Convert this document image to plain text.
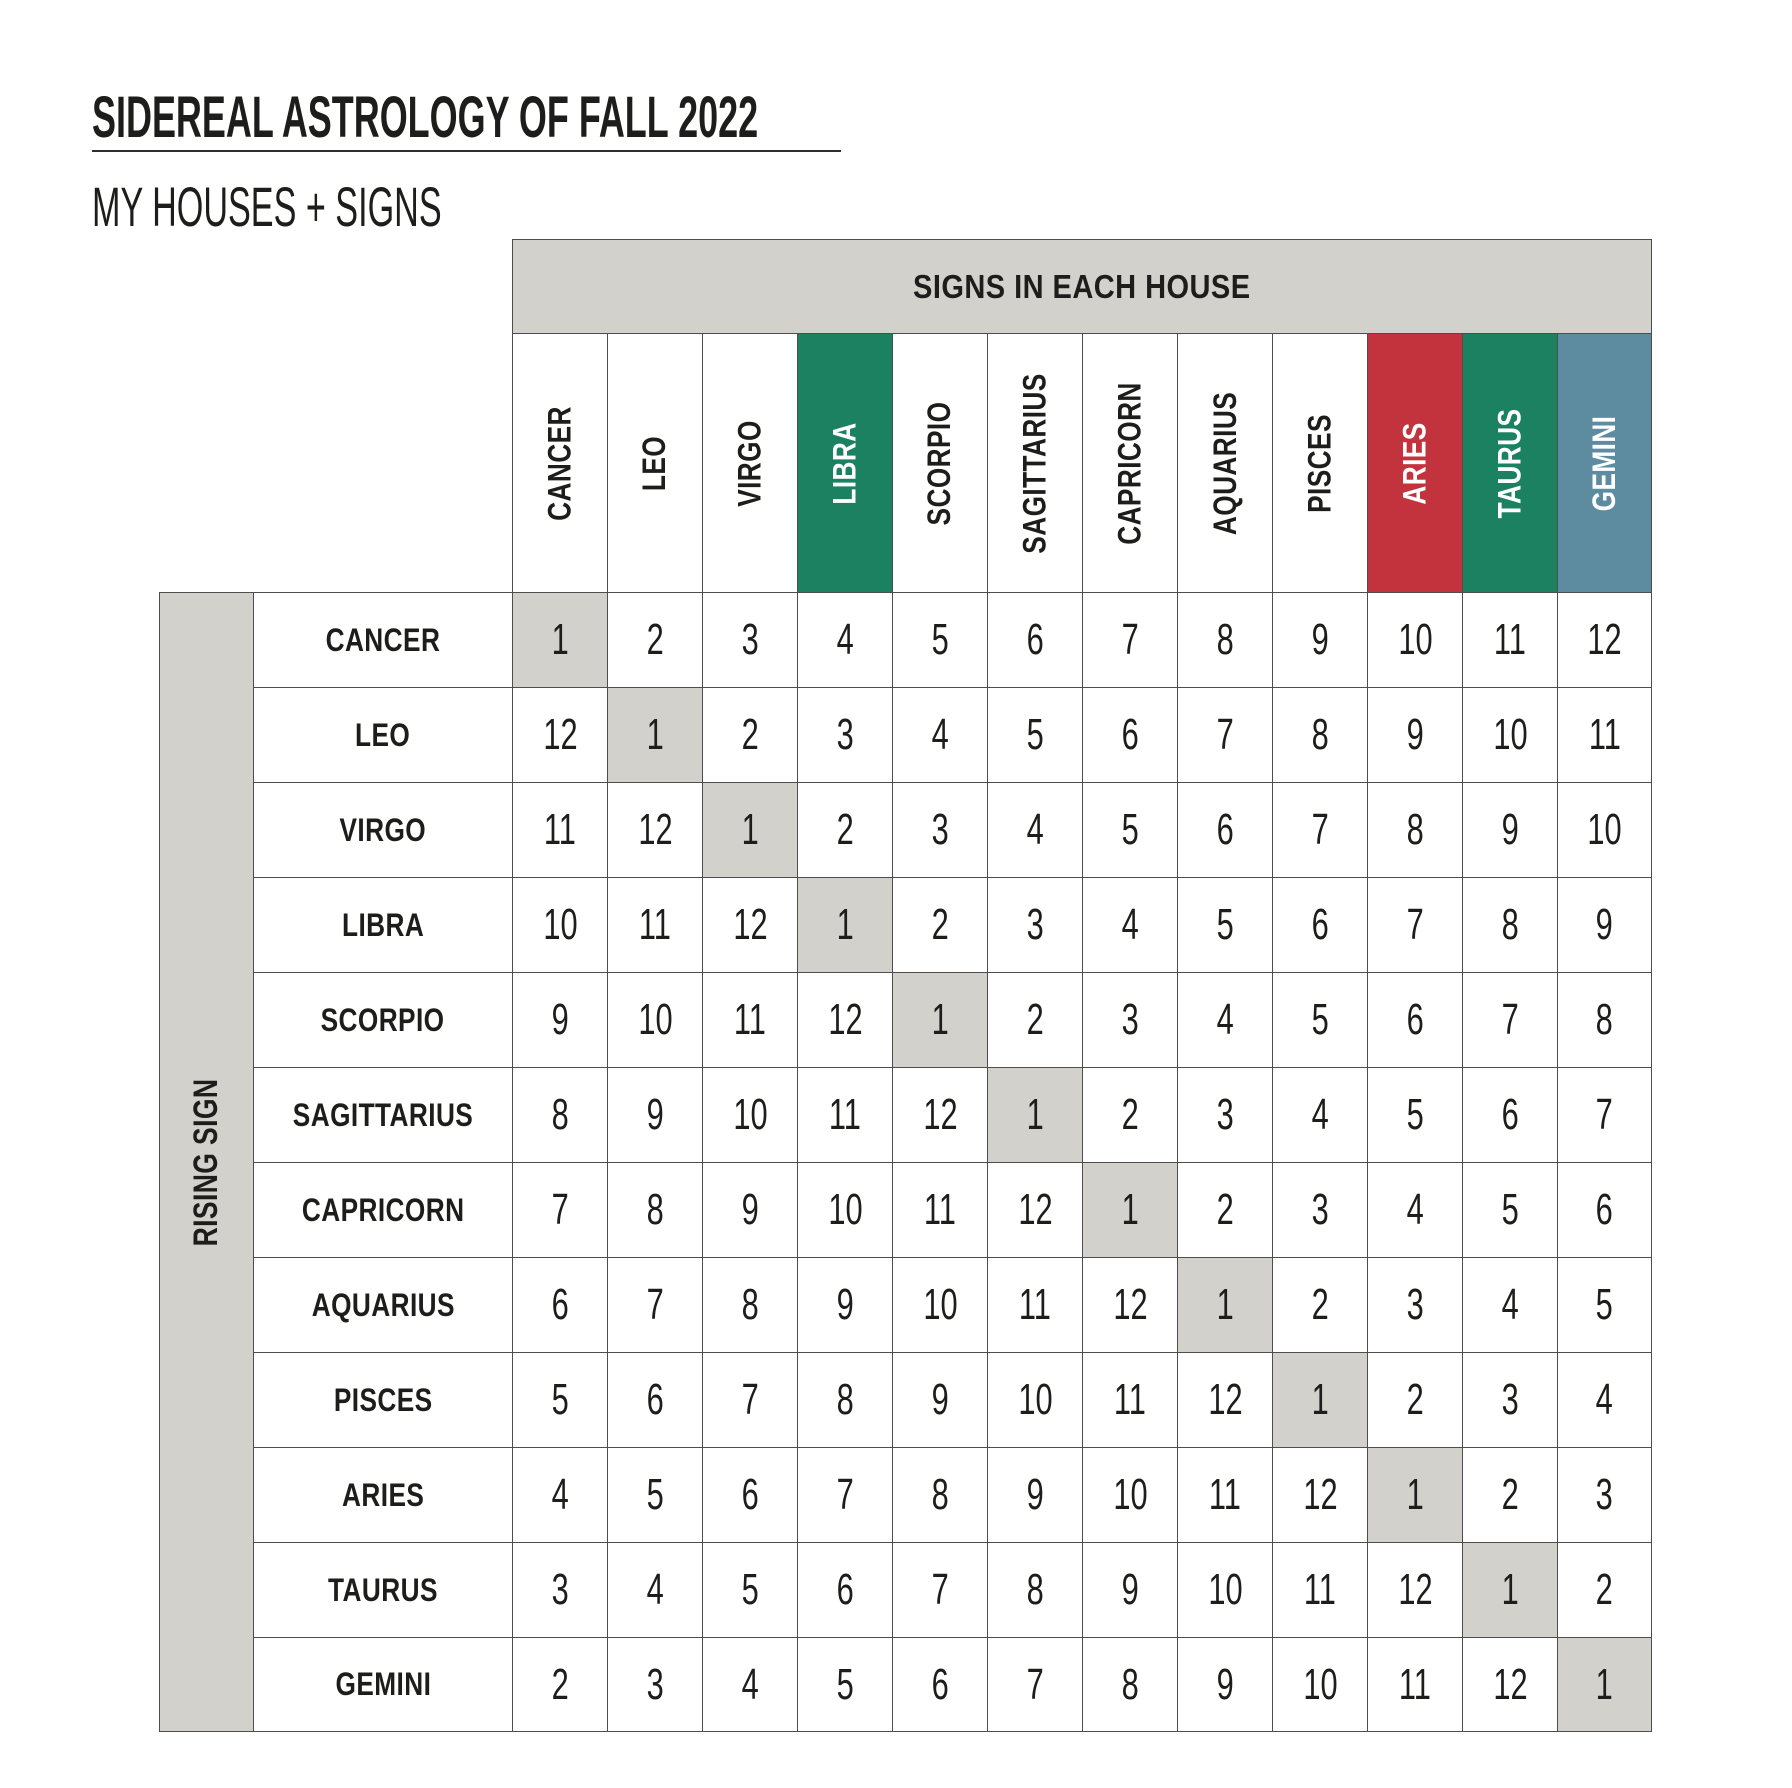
SIDEREAL ASTROLOGY OF FALL 2022
MY HOUSES + SIGNS
SIGNS IN EACH HOUSE
RISING SIGN
CANCER LEO VIRGO LIBRA SCORPIO SAGITTARIUS CAPRICORN AQUARIUS PISCES ARIES TAURUS GEMINI
CANCER	1 2 3 4 5 6 7 8 9 10 11 12
LEO	12 1 2 3 4 5 6 7 8 9 10 11
VIRGO	11 12 1 2 3 4 5 6 7 8 9 10
LIBRA	10 11 12 1 2 3 4 5 6 7 8 9
SCORPIO 9 10 11 12 1 2 3 4 5 6 7 8
SAGITTARIUS 8 9 10 11 12 1 2 3 4 5 6 7
CAPRICORN 7 8 9 10 11 12 1 2 3 4 5 6
AQUARIUS 6 7 8 9 10 11 12 1 2 3 4 5
PISCES	5 6 7 8 9 10 11 12 1 2 3 4
ARIES	4 5 6 7 8 9 10 11 12 1 2 3
TAURUS	3 4 5 6 7 8 9 10 11 12 1 2
GEMINI	2 3 4 5 6 7 8 9 10 11 12 1
